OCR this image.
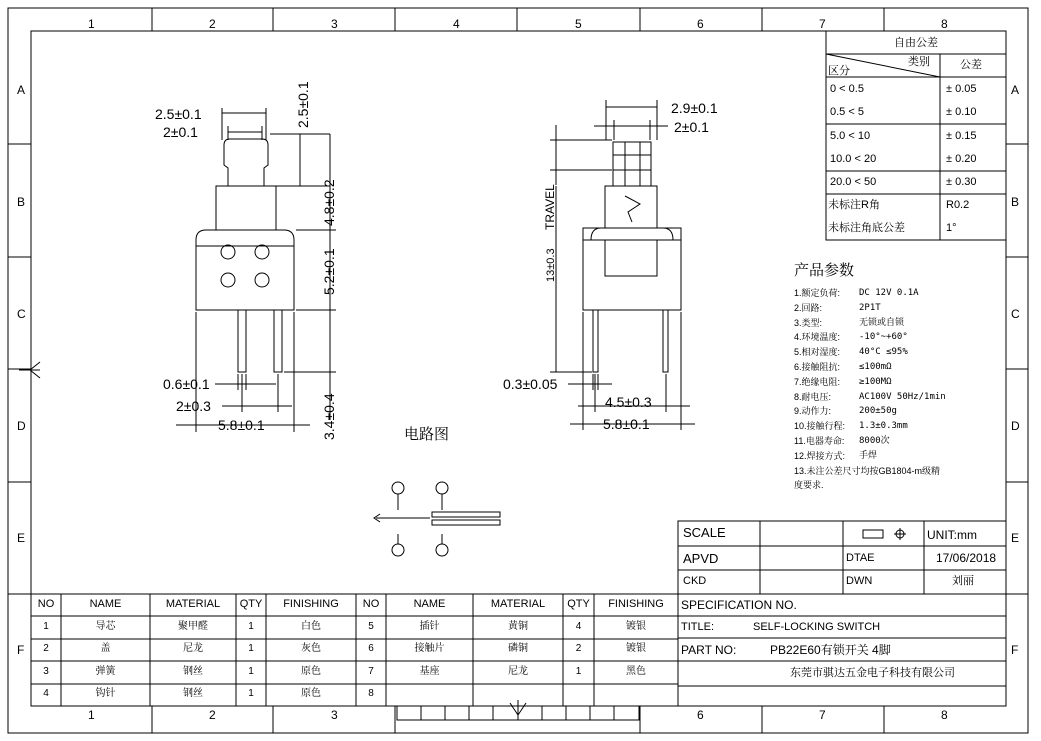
1	2	3	4	5	6	7	8
1	2	3	6	7	8
A
B
C
D
E
F
A
B
C
D
E
F
自由公差
类别
区分	公差
0 < 0.5	± 0.05
0.5 < 5	± 0.10
5.0 < 10	± 0.15
10.0 < 20	± 0.20
20.0 < 50	± 0.30
未标注R角	R0.2
未标注角底公差	1°
产品参数
1.额定负荷: DC 12V 0.1A
2.回路:	2P1T
3.类型:	无锁或自锁
4.环境温度: -10°~+60°
5.相对湿度: 40°C ≤95%
6.接触阻抗: ≤100mΩ
7.绝缘电阻: ≥100MΩ
8.耐电压:	AC100V 50Hz/1min
9.动作力:	200±50g
10.接触行程: 1.3±0.3mm
11.电器寿命: 8000次
12.焊接方式: 手焊
13.未注公差尺寸均按GB1804-m级精
度要求.
2.5±0.1
2±0.1
2.5±0.1
4.8±0.2
5.2±0.1
3.4±0.4
0.6±0.1
2±0.3
5.8±0.1
2.9±0.1
2±0.1
TRAVEL
13±0.3
0.3±0.05
4.5±0.3
5.8±0.1
电路图
SCALE	UNIT:mm
APVD	DTAE	17/06/2018
CKD	DWN	刘丽
SPECIFICATION NO.
TITLE:	SELF-LOCKING SWITCH
PART NO:	PB22E60有锁开关 4脚
东莞市骐达五金电子科技有限公司
NO	NAME	MATERIAL	QTY	FINISHING	NO	NAME	MATERIAL	QTY	FINISHING
1	导芯	聚甲醛	1	白色	5	插针	黄铜	4	镀银
2	盖	尼龙	1	灰色	6	接触片	磷铜	2	镀银
3	弹簧	钢丝	1	原色	7	基座	尼龙	1	黑色
4	钩针	钢丝	1	原色	8
